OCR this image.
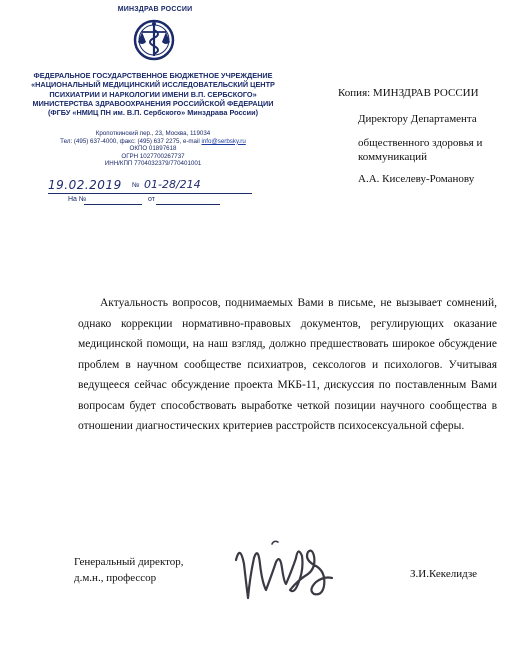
МИНЗДРАВ РОССИИ
ФЕДЕРАЛЬНОЕ ГОСУДАРСТВЕННОЕ БЮДЖЕТНОЕ УЧРЕЖДЕНИЕ
«НАЦИОНАЛЬНЫЙ МЕДИЦИНСКИЙ ИССЛЕДОВАТЕЛЬСКИЙ ЦЕНТР
ПСИХИАТРИИ И НАРКОЛОГИИ ИМЕНИ В.П. СЕРБСКОГО»
МИНИСТЕРСТВА ЗДРАВООХРАНЕНИЯ РОССИЙСКОЙ ФЕДЕРАЦИИ
(ФГБУ «НМИЦ ПН им. В.П. Сербского» Минздрава России)
Кропоткинский пер., 23, Москва, 119034
Тел: (495) 637-4000, факс: (495) 637 2275, e-mail info@serbsky.ru
ОКПО 01897618
ОГРН 1027700267737
ИНН/КПП 7704032379/770401001
19.02.2019 № 01-28/214
На №	от
Копия: МИНЗДРАВ РОССИИ
Директору Департамента
общественного здоровья и
коммуникаций
А.А. Киселеву-Романову
Актуальность вопросов, поднимаемых Вами в письме, не вызывает сомнений, однако коррекции нормативно-правовых документов, регулирующих оказание медицинской помощи, на наш взгляд, должно предшествовать широкое обсуждение проблем в научном сообществе психиатров, сексологов и психологов. Учитывая ведущееся сейчас обсуждение проекта МКБ-11, дискуссия по поставленным Вами вопросам будет способствовать выработке четкой позиции научного сообщества в отношении диагностических критериев расстройств психосексуальной сферы.
Генеральный директор,
д.м.н., профессор	З.И.Кекелидзе
